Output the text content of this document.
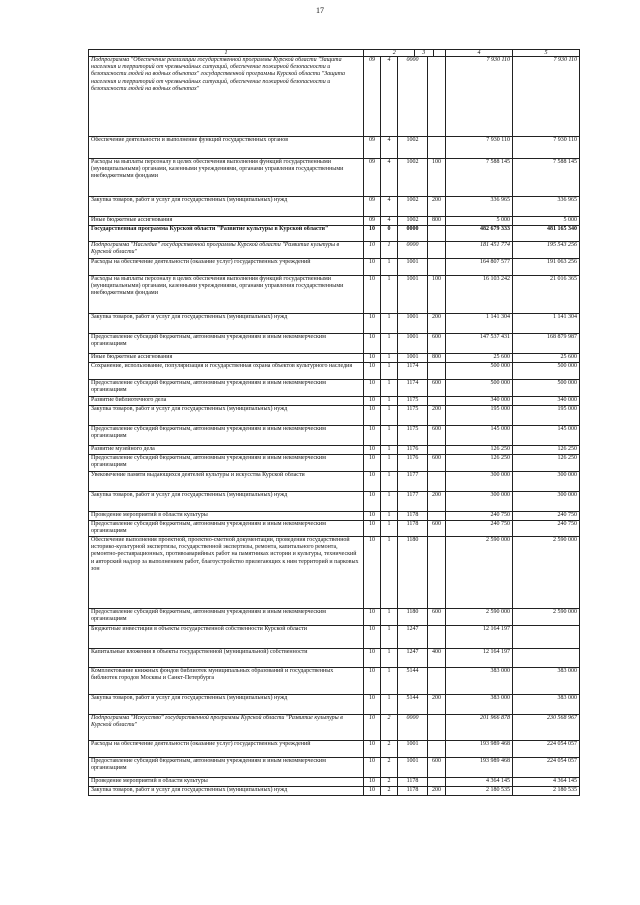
17
1	2 3				4	5
Подпрограмма "Обеспечение реализации государственной программы Курской области "Защита населения и территорий от чрезвычайных ситуаций, обеспечение пожарной безопасности и безопасности людей на водных объектах" государственной программы Курской области "Защита населения и территорий от чрезвычайных ситуаций, обеспечение пожарной безопасности и безопасности людей на водных объектах"	09	4	0000		7 930 110	7 930 110
Обеспечение деятельности и выполнение функций государственных органов	09	4	1002		7 930 110	7 930 110
Расходы на выплаты персоналу в целях обеспечения выполнения функций государственными (муниципальными) органами, казенными учреждениями, органами управления государственными внебюджетными фондами	09	4	1002	100	7 588 145	7 588 145
Закупка товаров, работ и услуг для государственных (муниципальных) нужд	09	4	1002	200	336 965	336 965
Иные бюджетные ассигнования	09	4	1002	800	5 000	5 000
Государственная программа Курской области "Развитие культуры в Курской области"	10	0	0000		482 679 333	481 165 340
Подпрограмма "Наследие" государственной программы Курской области "Развитие культуры в Курской области"	10	1	0000		181 451 774	195 543 256
Расходы на обеспечение деятельности (оказание услуг) государственных учреждений	10	1	1001		164 807 577	191 063 256
Расходы на выплаты персоналу в целях обеспечения выполнения функций государственными (муниципальными) органами, казенными учреждениями, органами управления государственными внебюджетными фондами	10	1	1001	100	16 103 242	21 016 365
Закупка товаров, работ и услуг для государственных (муниципальных) нужд	10	1	1001	200	1 141 304	1 141 304
Предоставление субсидий бюджетным, автономным учреждениям и иным некоммерческим организациям	10	1	1001	600	147 537 431	168 879 987
Иные бюджетные ассигнования	10	1	1001	800	25 600	25 600
Сохранение, использование, популяризация и государственная охрана объектов культурного наследия	10	1	1174		500 000	500 000
Предоставление субсидий бюджетным, автономным учреждениям и иным некоммерческим организациям	10	1	1174	600	500 000	500 000
Развитие библиотечного дела	10	1	1175		340 000	340 000
Закупка товаров, работ и услуг для государственных (муниципальных) нужд	10	1	1175	200	195 000	195 000
Предоставление субсидий бюджетным, автономным учреждениям и иным некоммерческим организациям	10	1	1175	600	145 000	145 000
Развитие музейного дела	10	1	1176		126 250	126 250
Предоставление субсидий бюджетным, автономным учреждениям и иным некоммерческим организациям	10	1	1176	600	126 250	126 250
Увековечение памяти выдающихся деятелей культуры и искусства Курской области	10	1	1177		300 000	300 000
Закупка товаров, работ и услуг для государственных (муниципальных) нужд	10	1	1177	200	300 000	300 000
Проведение мероприятий в области культуры	10	1	1178		240 750	240 750
Предоставление субсидий бюджетным, автономным учреждениям и иным некоммерческим организациям	10	1	1178	600	240 750	240 750
Обеспечение выполнения проектной, проектно-сметной документации, проведения государственной историко-культурной экспертизы, государственной экспертизы, ремонта, капитального ремонта, ремонтно-реставрационных, противоаварийных работ на памятниках истории и культуры, технический и авторский надзор за выполнением работ, благоустройство прилегающих к ним территорий и парковых зон	10	1	1180		2 590 000	2 590 000
Предоставление субсидий бюджетным, автономным учреждениям и иным некоммерческим организациям	10	1	1180	600	2 590 000	2 590 000
Бюджетные инвестиции в объекты государственной собственности Курской области	10	1	1247		12 164 197	
Капитальные вложения в объекты государственной (муниципальной) собственности	10	1	1247	400	12 164 197	
Комплектование книжных фондов библиотек муниципальных образований и государственных библиотек городов Москвы и Санкт-Петербурга	10	1	5144		383 000	383 000
Закупка товаров, работ и услуг для государственных (муниципальных) нужд	10	1	5144	200	383 000	383 000
Подпрограмма "Искусство" государственной программы Курской области "Развитие культуры в Курской области"	10	2	0000		201 966 878	230 568 967
Расходы на обеспечение деятельности (оказание услуг) государственных учреждений	10	2	1001		193 989 468	224 054 057
Предоставление субсидий бюджетным, автономным учреждениям и иным некоммерческим организациям	10	2	1001	600	193 989 468	224 054 057
Проведение мероприятий в области культуры	10	2	1178		4 364 145	4 364 145
Закупка товаров, работ и услуг для государственных (муниципальных) нужд	10	2	1178	200	2 180 535	2 180 535
